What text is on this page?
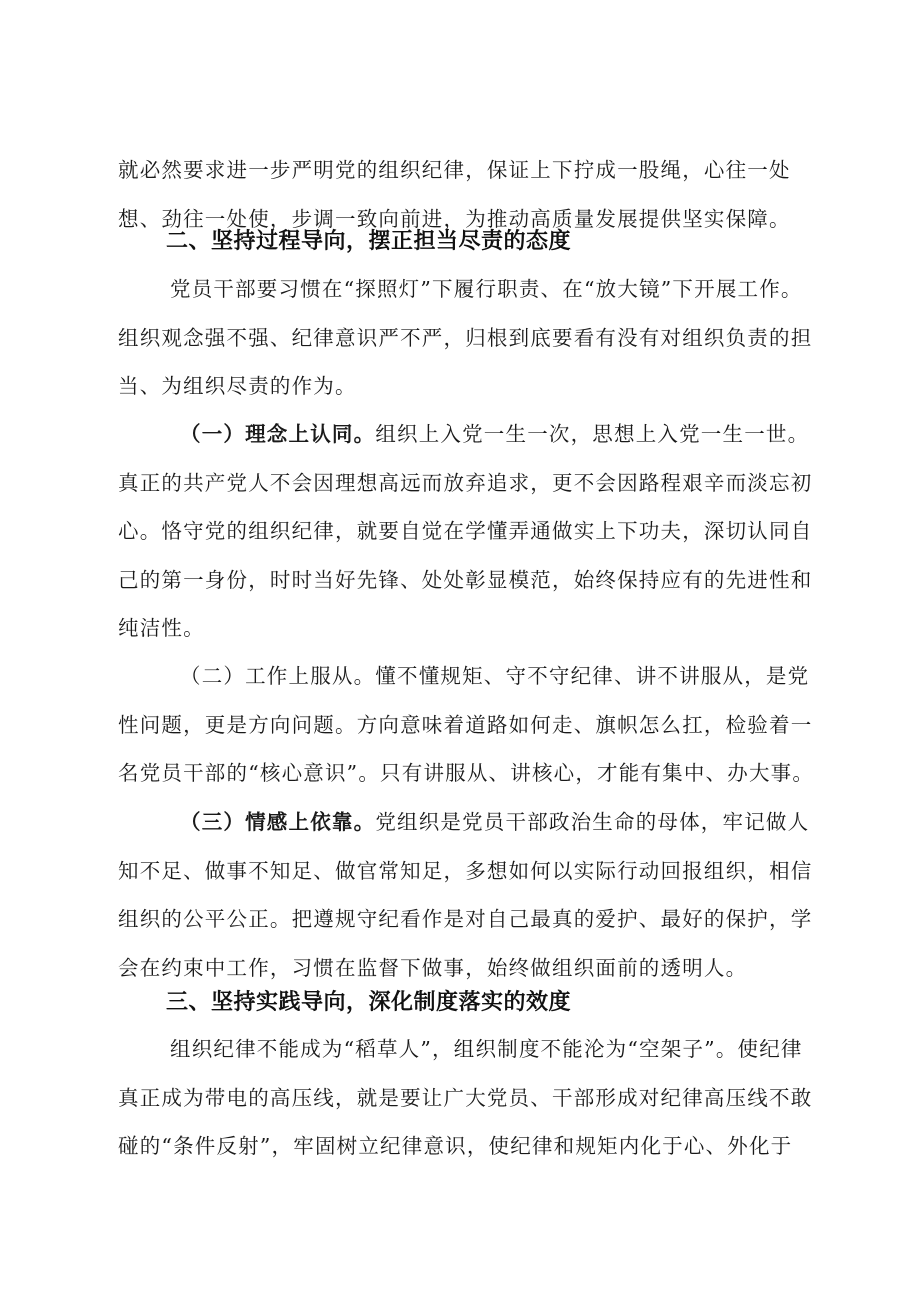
就必然要求进一步严明党的组织纪律，保证上下拧成一股绳，心往一处想、劲往一处使，步调一致向前进，为推动高质量发展提供坚实保障。

二、坚持过程导向，摆正担当尽责的态度

党员干部要习惯在“探照灯”下履行职责、在“放大镜”下开展工作。组织观念强不强、纪律意识严不严，归根到底要看有没有对组织负责的担当、为组织尽责的作为。

（一）理念上认同。组织上入党一生一次，思想上入党一生一世。真正的共产党人不会因理想高远而放弃追求，更不会因路程艰辛而淡忘初心。恪守党的组织纪律，就要自觉在学懂弄通做实上下功夫，深切认同自己的第一身份，时时当好先锋、处处彰显模范，始终保持应有的先进性和纯洁性。

（二）工作上服从。懂不懂规矩、守不守纪律、讲不讲服从，是党性问题，更是方向问题。方向意味着道路如何走、旗帜怎么扛，检验着一名党员干部的“核心意识”。只有讲服从、讲核心，才能有集中、办大事。

（三）情感上依靠。党组织是党员干部政治生命的母体，牢记做人知不足、做事不知足、做官常知足，多想如何以实际行动回报组织，相信组织的公平公正。把遵规守纪看作是对自己最真的爱护、最好的保护，学会在约束中工作，习惯在监督下做事，始终做组织面前的透明人。

三、坚持实践导向，深化制度落实的效度

组织纪律不能成为“稻草人”，组织制度不能沦为“空架子”。使纪律真正成为带电的高压线，就是要让广大党员、干部形成对纪律高压线不敢碰的“条件反射”，牢固树立纪律意识，使纪律和规矩内化于心、外化于
